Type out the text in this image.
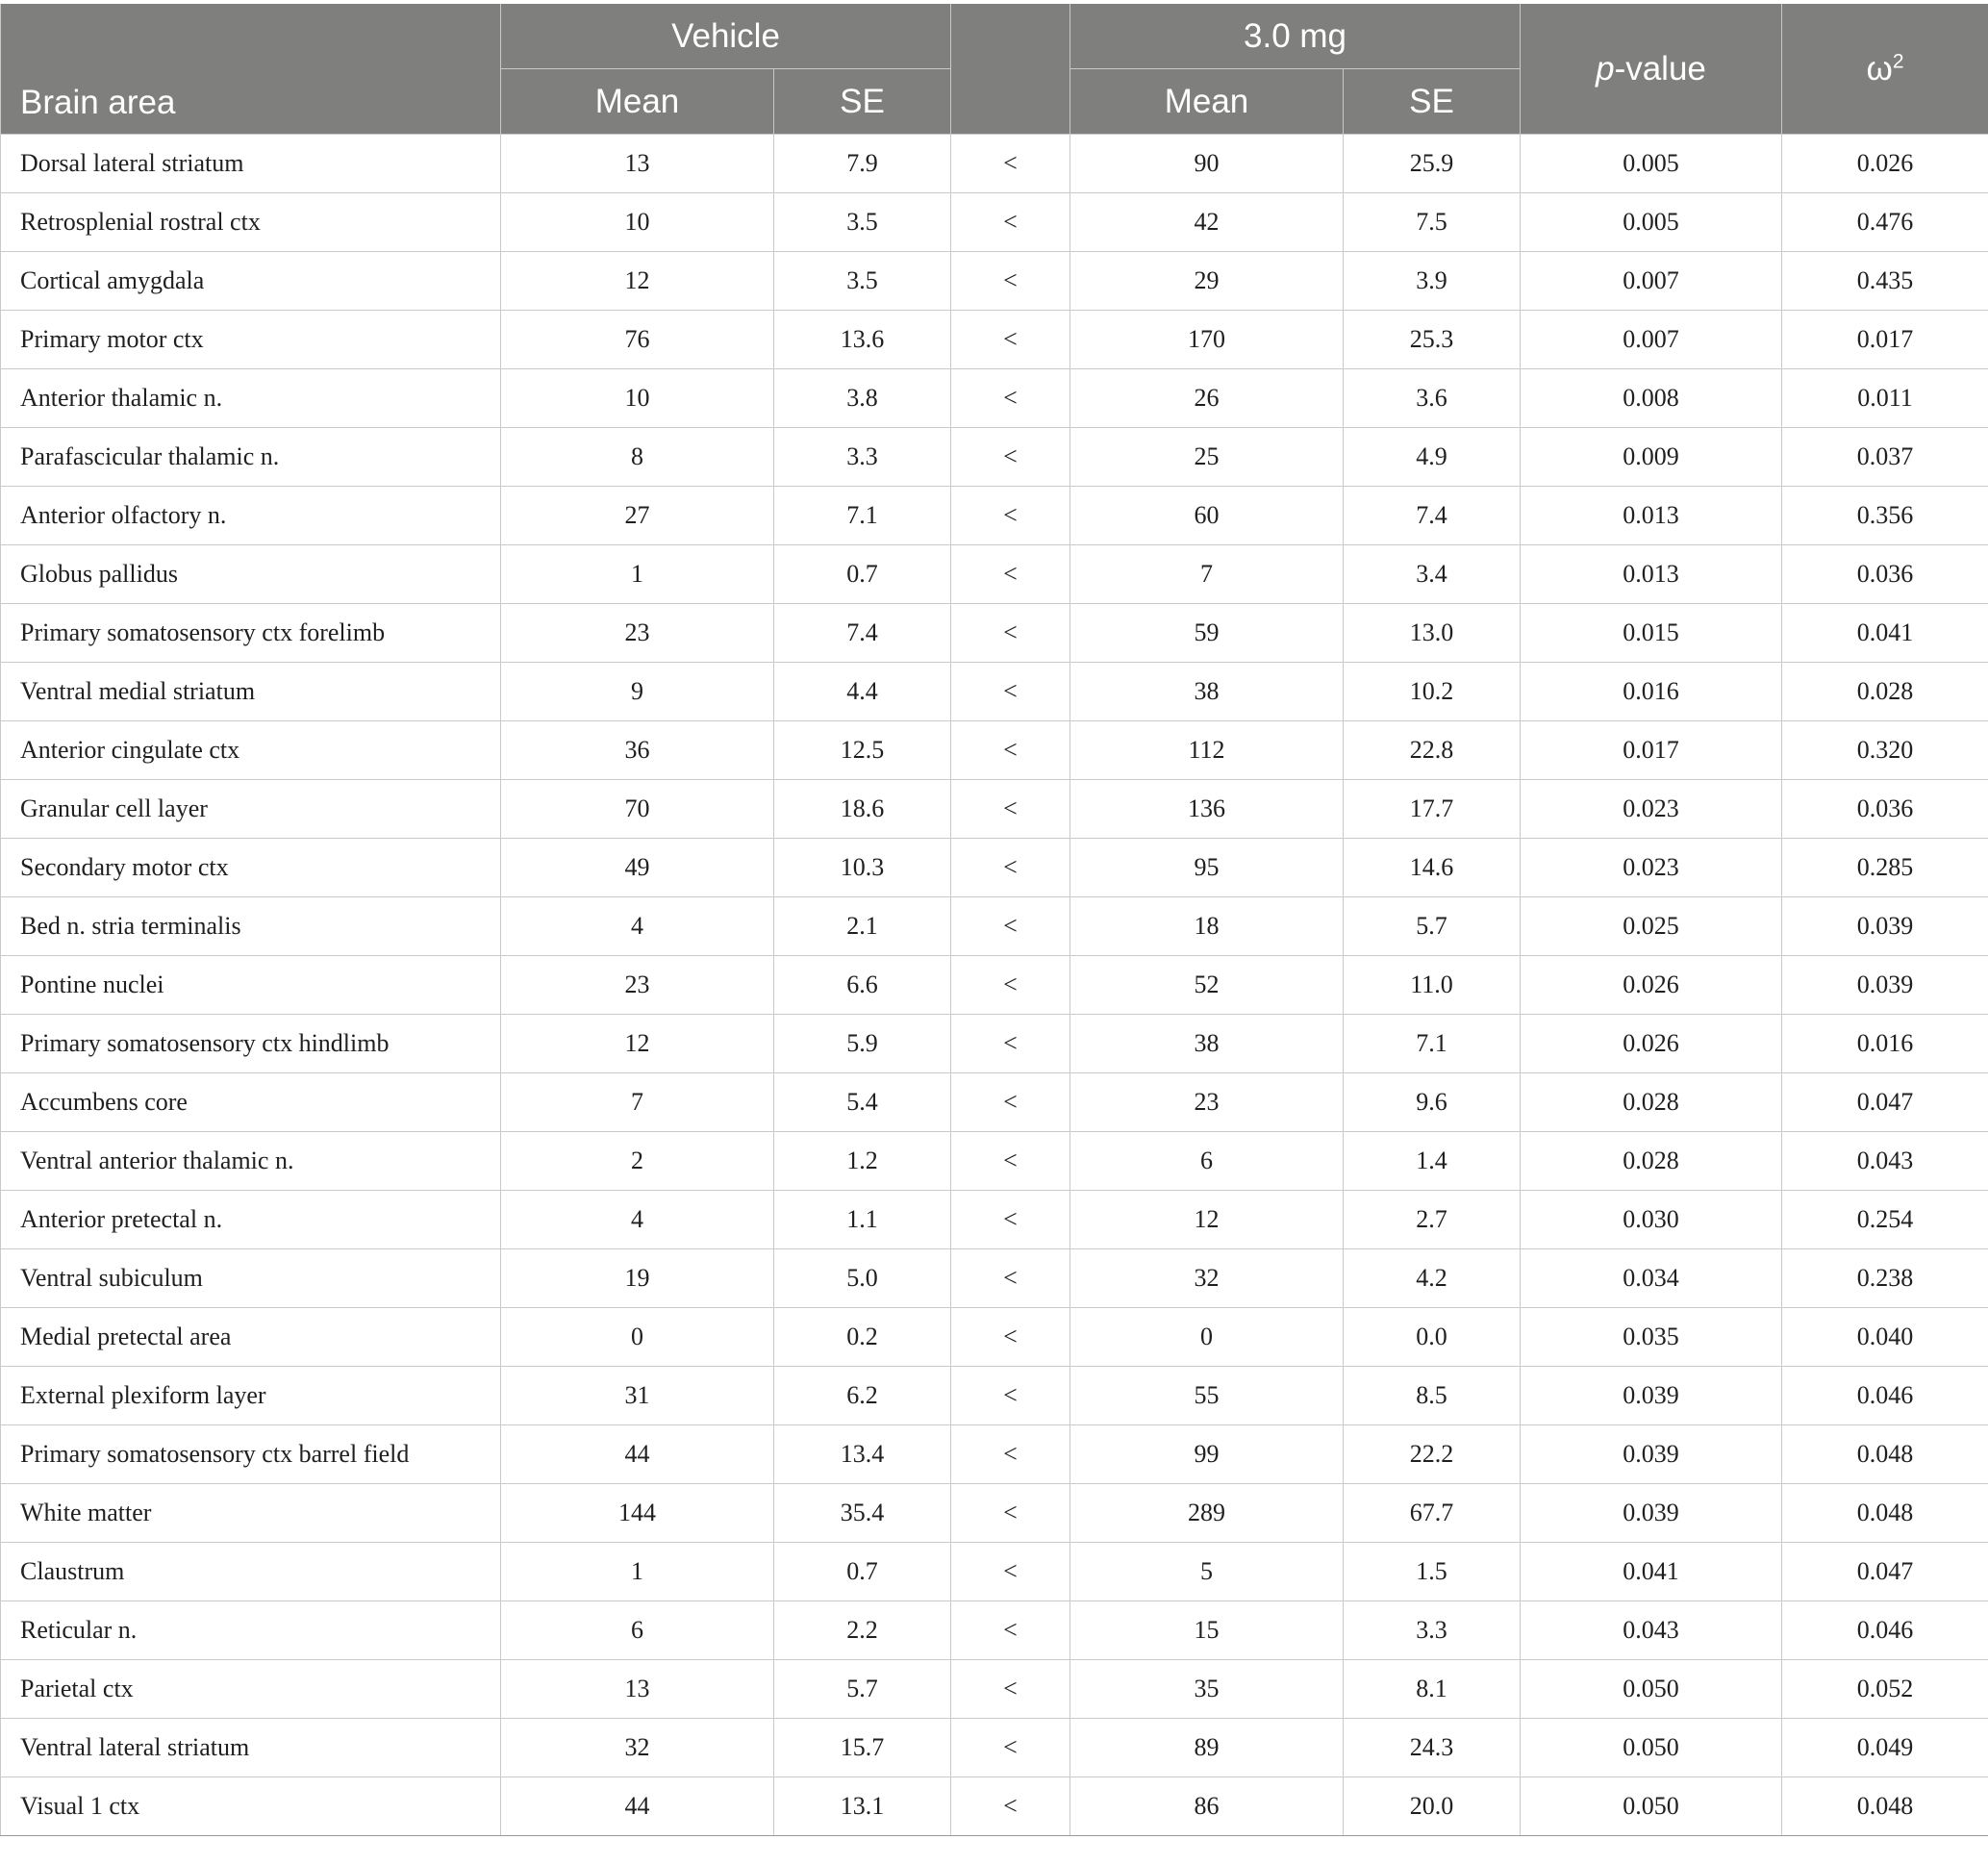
Brain area	Vehicle			3.0 mg		p-value	$\omega^2$
	Mean	SE		Mean	SE		
Dorsal lateral striatum	13	7.9	<	90	25.9	0.005	0.026
Retrosplenial rostral ctx	10	3.5	<	42	7.5	0.005	0.476
Cortical amygdala	12	3.5	<	29	3.9	0.007	0.435
Primary motor ctx	76	13.6	<	170	25.3	0.007	0.017
Anterior thalamic n.	10	3.8	<	26	3.6	0.008	0.011
Parafascicular thalamic n.	8	3.3	<	25	4.9	0.009	0.037
Anterior olfactory n.	27	7.1	<	60	7.4	0.013	0.356
Globus pallidus	1	0.7	<	7	3.4	0.013	0.036
Primary somatosensory ctx forelimb	23	7.4	<	59	13.0	0.015	0.041
Ventral medial striatum	9	4.4	<	38	10.2	0.016	0.028
Anterior cingulate ctx	36	12.5	<	112	22.8	0.017	0.320
Granular cell layer	70	18.6	<	136	17.7	0.023	0.036
Secondary motor ctx	49	10.3	<	95	14.6	0.023	0.285
Bed n. stria terminalis	4	2.1	<	18	5.7	0.025	0.039
Pontine nuclei	23	6.6	<	52	11.0	0.026	0.039
Primary somatosensory ctx hindlimb	12	5.9	<	38	7.1	0.026	0.016
Accumbens core	7	5.4	<	23	9.6	0.028	0.047
Ventral anterior thalamic n.	2	1.2	<	6	1.4	0.028	0.043
Anterior pretectal n.	4	1.1	<	12	2.7	0.030	0.254
Ventral subiculum	19	5.0	<	32	4.2	0.034	0.238
Medial pretectal area	0	0.2	<	0	0.0	0.035	0.040
External plexiform layer	31	6.2	<	55	8.5	0.039	0.046
Primary somatosensory ctx barrel field	44	13.4	<	99	22.2	0.039	0.048
White matter	144	35.4	<	289	67.7	0.039	0.048
Claustrum	1	0.7	<	5	1.5	0.041	0.047
Reticular n.	6	2.2	<	15	3.3	0.043	0.046
Parietal ctx	13	5.7	<	35	8.1	0.050	0.052
Ventral lateral striatum	32	15.7	<	89	24.3	0.050	0.049
Visual 1 ctx	44	13.1	<	86	20.0	0.050	0.048
